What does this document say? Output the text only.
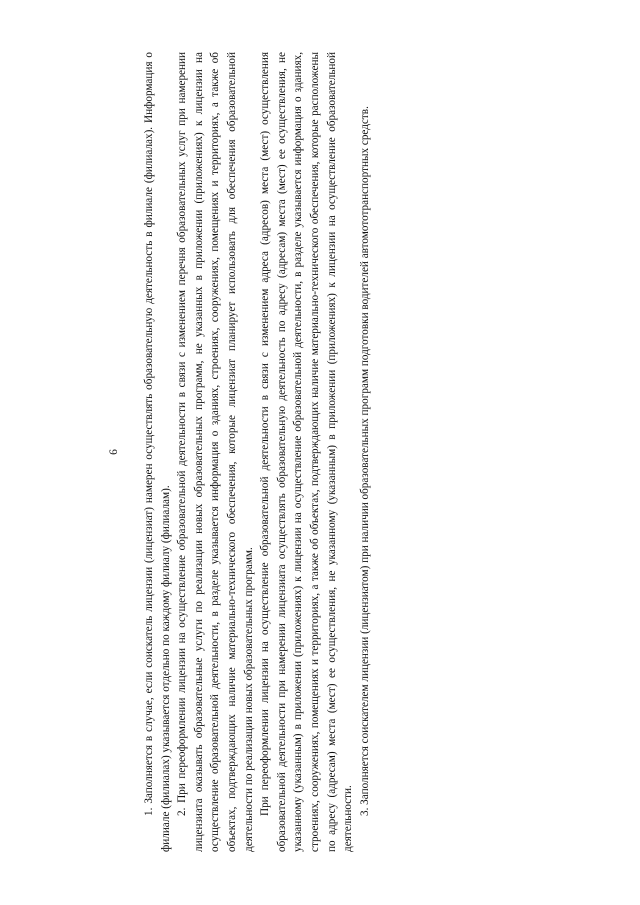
6 1. Заполняется в случае, если соискатель лицензии (лицензиат) намерен осуществлять образовательную деятельность в филиале (филиалах). Информация о филиале (филиалах) указывается отдельно по каждому филиалу (филиалам). 2. При переоформлении лицензии на осуществление образовательной деятельности в связи с изменением перечня образовательных услуг при намерении лицензиата оказывать образовательные услуги по реализации новых образовательных программ, не указанных в приложении (приложениях) к лицензии на осуществление образовательной деятельности, в разделе указывается информация о зданиях, строениях, сооружениях, помещениях и территориях, а также об объектах, подтверждающих наличие материально-технического обеспечения, которые лицензиат планирует использовать для обеспечения образовательной деятельности по реализации новых образовательных программ. При переоформлении лицензии на осуществление образовательной деятельности в связи с изменением адреса (адресов) места (мест) осуществления образовательной деятельности при намерении лицензиата осуществлять образовательную деятельность по адресу (адресам) места (мест) ее осуществления, не указанному (указанным) в приложении (приложениях) к лицензии на осуществление образовательной деятельности, в разделе указывается информация о зданиях, строениях, сооружениях, помещениях и территориях, а также об объектах, подтверждающих наличие материально-технического обеспечения, которые расположены по адресу (адресам) места (мест) ее осуществления, не указанному (указанным) в приложении (приложениях) к лицензии на осуществление образовательной деятельности.

3. Заполняется соискателем лицензии (лицензиатом) при наличии образовательных программ подготовки водителей автомототранспортных средств.
